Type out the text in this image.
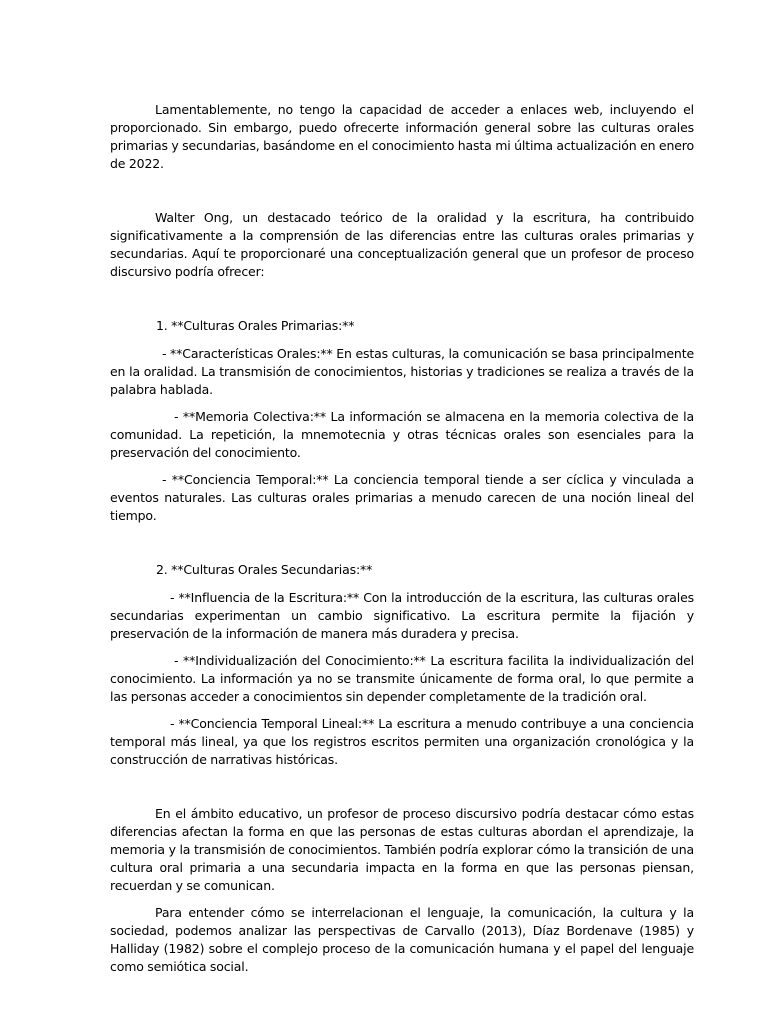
Lamentablemente, no tengo la capacidad de acceder a enlaces web, incluyendo el proporcionado. Sin embargo, puedo ofrecerte información general sobre las culturas orales primarias y secundarias, basándome en el conocimiento hasta mi última actualización en enero de 2022.

Walter Ong, un destacado teórico de la oralidad y la escritura, ha contribuido significativamente a la comprensión de las diferencias entre las culturas orales primarias y secundarias. Aquí te proporcionaré una conceptualización general que un profesor de proceso discursivo podría ofrecer:

1. **Culturas Orales Primarias:**

- **Características Orales:** En estas culturas, la comunicación se basa principalmente en la oralidad. La transmisión de conocimientos, historias y tradiciones se realiza a través de la palabra hablada.

- **Memoria Colectiva:** La información se almacena en la memoria colectiva de la comunidad. La repetición, la mnemotecnia y otras técnicas orales son esenciales para la preservación del conocimiento.

- **Conciencia Temporal:** La conciencia temporal tiende a ser cíclica y vinculada a eventos naturales. Las culturas orales primarias a menudo carecen de una noción lineal del tiempo.

2. **Culturas Orales Secundarias:**

- **Influencia de la Escritura:** Con la introducción de la escritura, las culturas orales secundarias experimentan un cambio significativo. La escritura permite la fijación y preservación de la información de manera más duradera y precisa.

- **Individualización del Conocimiento:** La escritura facilita la individualización del conocimiento. La información ya no se transmite únicamente de forma oral, lo que permite a las personas acceder a conocimientos sin depender completamente de la tradición oral.

- **Conciencia Temporal Lineal:** La escritura a menudo contribuye a una conciencia temporal más lineal, ya que los registros escritos permiten una organización cronológica y la construcción de narrativas históricas.

En el ámbito educativo, un profesor de proceso discursivo podría destacar cómo estas diferencias afectan la forma en que las personas de estas culturas abordan el aprendizaje, la memoria y la transmisión de conocimientos. También podría explorar cómo la transición de una cultura oral primaria a una secundaria impacta en la forma en que las personas piensan, recuerdan y se comunican.

Para entender cómo se interrelacionan el lenguaje, la comunicación, la cultura y la sociedad, podemos analizar las perspectivas de Carvallo (2013), Díaz Bordenave (1985) y Halliday (1982) sobre el complejo proceso de la comunicación humana y el papel del lenguaje como semiótica social.
